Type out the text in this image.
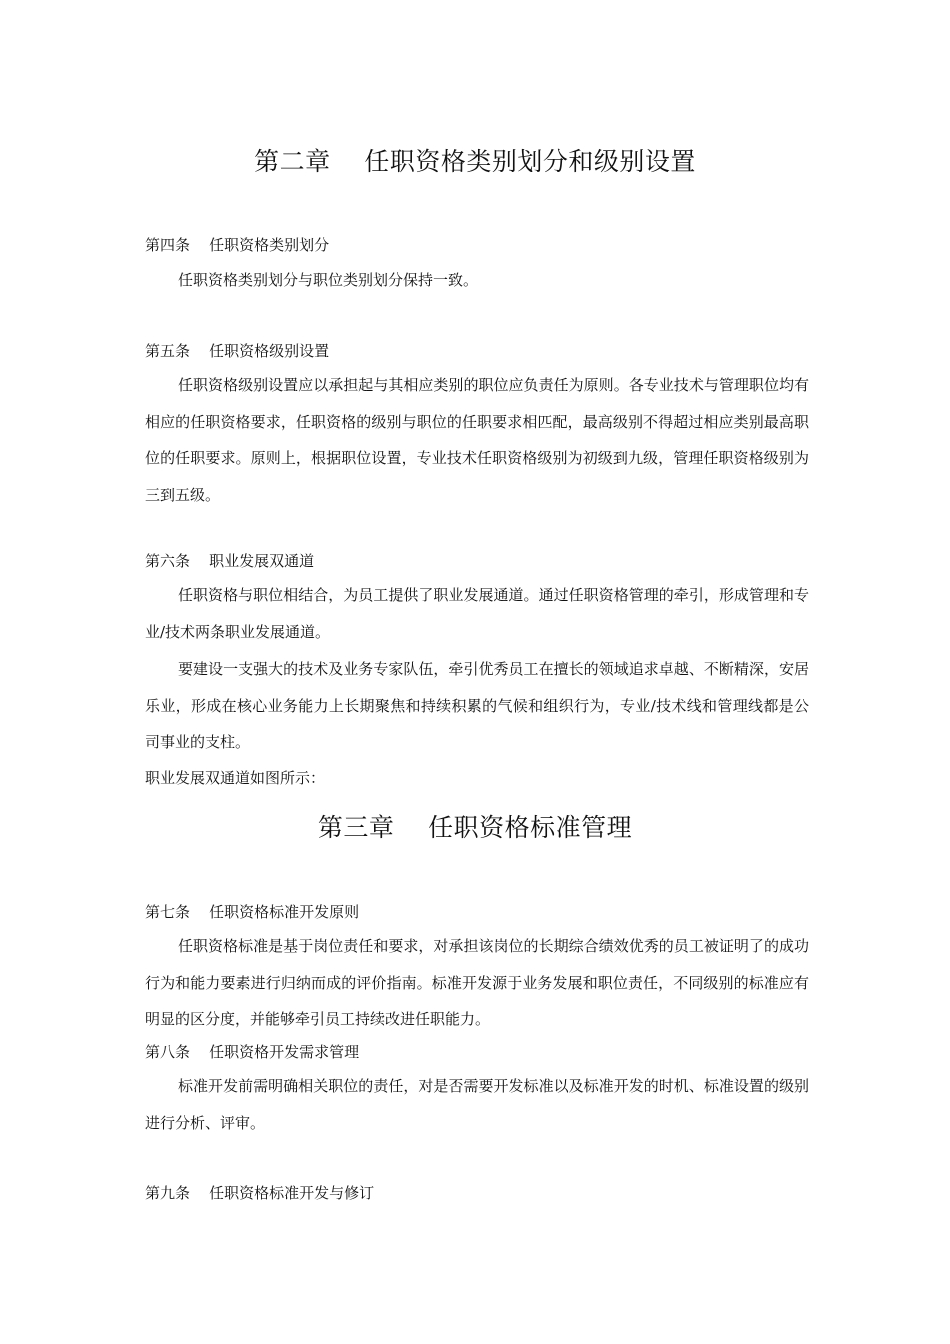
第二章    任职资格类别划分和级别设置
第四条    任职资格类别划分
任职资格类别划分与职位类别划分保持一致。
第五条    任职资格级别设置
任职资格级别设置应以承担起与其相应类别的职位应负责任为原则。各专业技术与管理职位均有相应的任职资格要求，任职资格的级别与职位的任职要求相匹配，最高级别不得超过相应类别最高职位的任职要求。原则上，根据职位设置，专业技术任职资格级别为初级到九级，管理任职资格级别为三到五级。
第六条    职业发展双通道
任职资格与职位相结合，为员工提供了职业发展通道。通过任职资格管理的牵引，形成管理和专业/技术两条职业发展通道。
要建设一支强大的技术及业务专家队伍，牵引优秀员工在擅长的领域追求卓越、不断精深，安居乐业，形成在核心业务能力上长期聚焦和持续积累的气候和组织行为，专业/技术线和管理线都是公司事业的支柱。
职业发展双通道如图所示：
第三章    任职资格标准管理
第七条    任职资格标准开发原则
任职资格标准是基于岗位责任和要求，对承担该岗位的长期综合绩效优秀的员工被证明了的成功行为和能力要素进行归纳而成的评价指南。标准开发源于业务发展和职位责任，不同级别的标准应有明显的区分度，并能够牵引员工持续改进任职能力。
第八条    任职资格开发需求管理
标准开发前需明确相关职位的责任，对是否需要开发标准以及标准开发的时机、标准设置的级别进行分析、评审。
第九条    任职资格标准开发与修订
